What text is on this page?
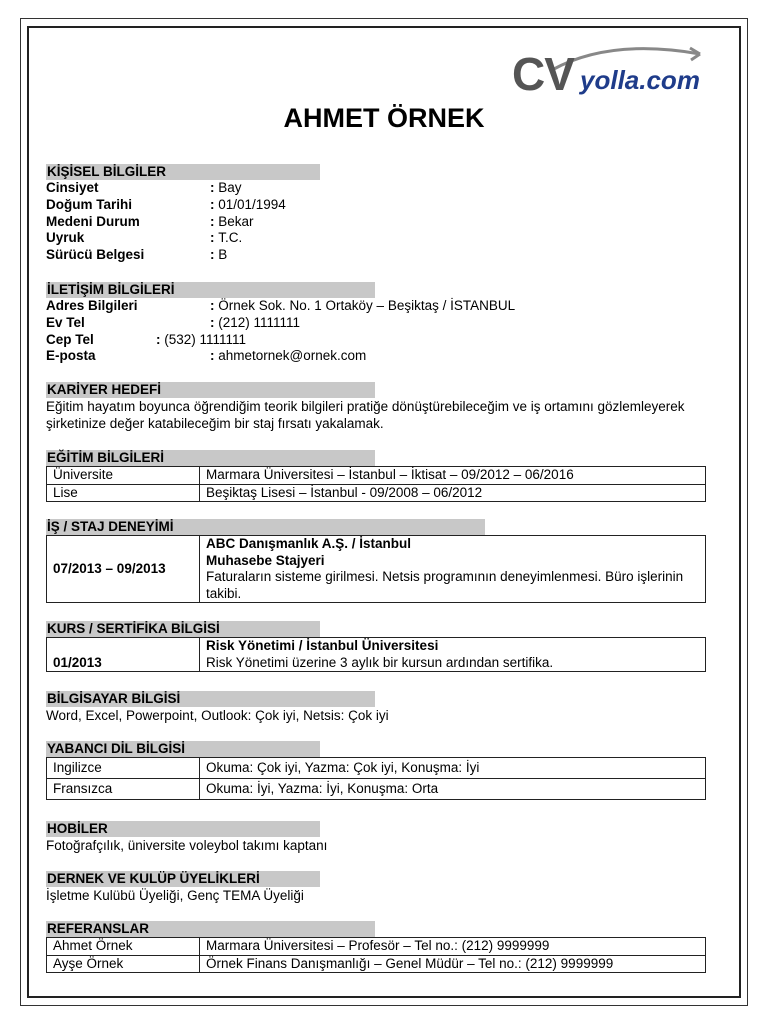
CV yolla.com
AHMET ÖRNEK
KİŞİSEL BİLGİLER
Cinsiyet	: Bay
Doğum Tarihi	: 01/01/1994
Medeni Durum	: Bekar
Uyruk	: T.C.
Sürücü Belgesi	: B
İLETİŞİM BİLGİLERİ
Adres Bilgileri	: Örnek Sok. No. 1 Ortaköy – Beşiktaş / İSTANBUL
Ev Tel	: (212) 1111111
Cep Tel	: (532) 1111111
E-posta	: ahmetornek@ornek.com
KARİYER HEDEFİ
Eğitim hayatım boyunca öğrendiğim teorik bilgileri pratiğe dönüştürebileceğim ve iş ortamını gözlemleyerek şirketinize değer katabileceğim bir staj fırsatı yakalamak.
EĞİTİM BİLGİLERİ
Üniversite	Marmara Üniversitesi – İstanbul – İktisat – 09/2012 – 06/2016
Lise	Beşiktaş Lisesi – İstanbul - 09/2008 – 06/2012
İŞ / STAJ DENEYİMİ
07/2013 – 09/2013	
ABC Danışmanlık A.Ş. / İstanbul
Muhasebe Stajyeri
Faturaların sisteme girilmesi. Netsis programının deneyimlenmesi. Büro işlerinin takibi.
KURS / SERTİFİKA BİLGİSİ
01/2013	
Risk Yönetimi / İstanbul Üniversitesi
Risk Yönetimi üzerine 3 aylık bir kursun ardından sertifika.
BİLGİSAYAR BİLGİSİ
Word, Excel, Powerpoint, Outlook: Çok iyi, Netsis: Çok iyi
YABANCI DİL BİLGİSİ
Ingilizce	Okuma: Çok iyi, Yazma: Çok iyi, Konuşma: İyi
Fransızca	Okuma: İyi, Yazma: İyi, Konuşma: Orta
HOBİLER
Fotoğrafçılık, üniversite voleybol takımı kaptanı
DERNEK VE KULÜP ÜYELİKLERİ
İşletme Kulübü Üyeliği, Genç TEMA Üyeliği
REFERANSLAR
Ahmet Örnek	Marmara Üniversitesi – Profesör – Tel no.: (212) 9999999
Ayşe Örnek	Örnek Finans Danışmanlığı – Genel Müdür – Tel no.: (212) 9999999
